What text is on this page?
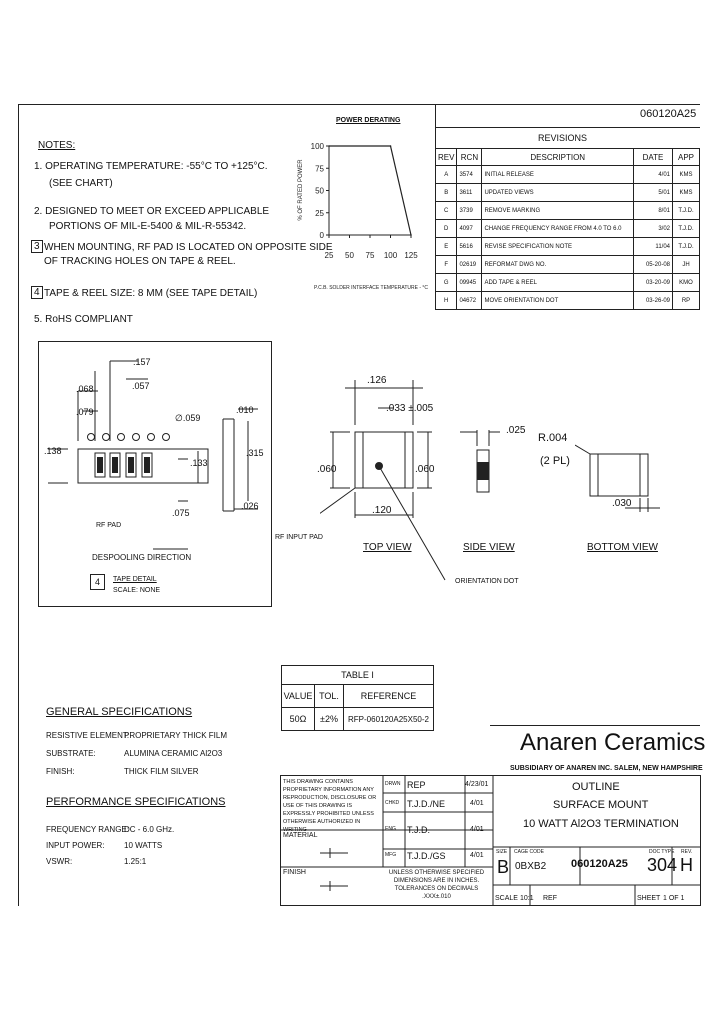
060120A25
REVISIONS
REV	RCN	DESCRIPTION	DATE	APP
A	3574	INITIAL RELEASE	4/01	KMS
B	3611	UPDATED VIEWS	5/01	KMS
C	3739	REMOVE MARKING	8/01	T.J.D.
D	4097	CHANGE FREQUENCY RANGE FROM 4.0 TO 6.0	3/02	T.J.D.
E	5616	REVISE SPECIFICATION NOTE	11/04	T.J.D.
F	02619	REFORMAT DWG NO.	05-20-08	JH
G	09945	ADD TAPE & REEL	03-20-09	KMO
H	04672	MOVE ORIENTATION DOT	03-26-09	RP
NOTES:
1. OPERATING TEMPERATURE: -55°C TO +125°C.
(SEE CHART)
2. DESIGNED TO MEET OR EXCEED APPLICABLE
PORTIONS OF MIL-E-5400 & MIL-R-55342.
3 WHEN MOUNTING, RF PAD IS LOCATED ON OPPOSITE SIDE
OF TRACKING HOLES ON TAPE & REEL.
4 TAPE & REEL SIZE: 8 MM (SEE TAPE DETAIL)
5. RoHS COMPLIANT
POWER DERATING
100
75
50
25
0
25 50 75 100 125
% OF RATED POWER
P.C.B. SOLDER INTERFACE TEMPERATURE - °C
.157
.057
.068
.079
∅.059
.010
.138
.133
.315
.026
.075
RF PAD
DESPOOLING DIRECTION
4	TAPE DETAIL
SCALE: NONE
.126
.033 ±.005
.060	.060
.120
RF INPUT PAD
TOP VIEW
ORIENTATION DOT
.025
SIDE VIEW
R.004
(2 PL)
.030
BOTTOM VIEW
TABLE I		
VALUE	TOL.	REFERENCE
50Ω	±2%	RFP-060120A25X50-2
GENERAL SPECIFICATIONS
RESISTIVE ELEMENT:
PROPRIETARY THICK FILM
SUBSTRATE:	ALUMINA CERAMIC Al2O3
FINISH:	THICK FILM SILVER
PERFORMANCE SPECIFICATIONS
FREQUENCY RANGE:
DC - 6.0 GHz.
INPUT POWER: 10 WATTS
VSWR:	1.25:1
Anaren Ceramics
SUBSIDIARY OF ANAREN INC. SALEM, NEW HAMPSHIRE
THIS DRAWING CONTAINS PROPRIETARY INFORMATION ANY REPRODUCTION, DISCLOSURE OR USE OF THIS DRAWING IS EXPRESSLY PROHIBITED UNLESS OTHERWISE AUTHORIZED IN WRITING
MATERIAL
FINISH
DRWN REP	4/23/01
CHKD T.J.D./NE	4/01
ENG T.J.D.	4/01
MFG T.J.D./GS	4/01
UNLESS OTHERWISE SPECIFIED DIMENSIONS ARE IN INCHES. TOLERANCES ON DECIMALS .XXX±.010
OUTLINE
SURFACE MOUNT
10 WATT Al2O3 TERMINATION
SIZE
B
CAGE CODE
0BXB2 060120A25
DOC TYPE
304
REV.
H
SCALE 10:1 REF	SHEET 1 OF 1
